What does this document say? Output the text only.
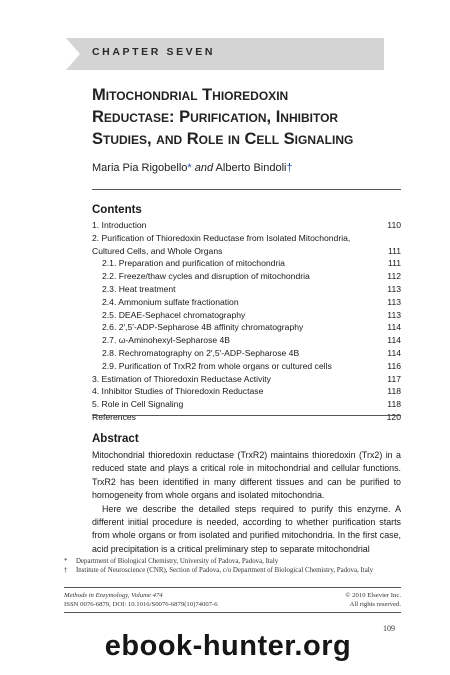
CHAPTER SEVEN
Mitochondrial Thioredoxin
Reductase: Purification, Inhibitor
Studies, and Role in Cell Signaling
Maria Pia Rigobello* and Alberto Bindoli†
Contents
1. Introduction	110
2. Purification of Thioredoxin Reductase from Isolated Mitochondria,
Cultured Cells, and Whole Organs	111
2.1. Preparation and purification of mitochondria	111
2.2. Freeze/thaw cycles and disruption of mitochondria	112
2.3. Heat treatment	113
2.4. Ammonium sulfate fractionation	113
2.5. DEAE-Sephacel chromatography	113
2.6. 2′,5′-ADP-Sepharose 4B affinity chromatography	114
2.7. ω-Aminohexyl-Sepharose 4B	114
2.8. Rechromatography on 2′,5′-ADP-Sepharose 4B	114
2.9. Purification of TrxR2 from whole organs or cultured cells	116
3. Estimation of Thioredoxin Reductase Activity	117
4. Inhibitor Studies of Thioredoxin Reductase	118
5. Role in Cell Signaling	118
References	120
Abstract

Mitochondrial thioredoxin reductase (TrxR2) maintains thioredoxin (Trx2) in a reduced state and plays a critical role in mitochondrial and cellular functions. TrxR2 has been identified in many different tissues and can be purified to homogeneity from whole organs and isolated mitochondria.

Here we describe the detailed steps required to purify this enzyme. A different initial procedure is needed, according to whether purification starts from whole organs or from isolated and purified mitochondria. In the first case, acid precipitation is a critical preliminary step to separate mitochondrial

*	Department of Biological Chemistry, University of Padova, Padova, Italy
†	Institute of Neuroscience (CNR), Section of Padova, c/o Department of Biological Chemistry, Padova, Italy
Methods in Enzymology, Volume 474	© 2010 Elsevier Inc.
ISSN 0076-6879, DOI: 10.1016/S0076-6879(10)74007-6	All rights reserved.
109
ebook-hunter.org
